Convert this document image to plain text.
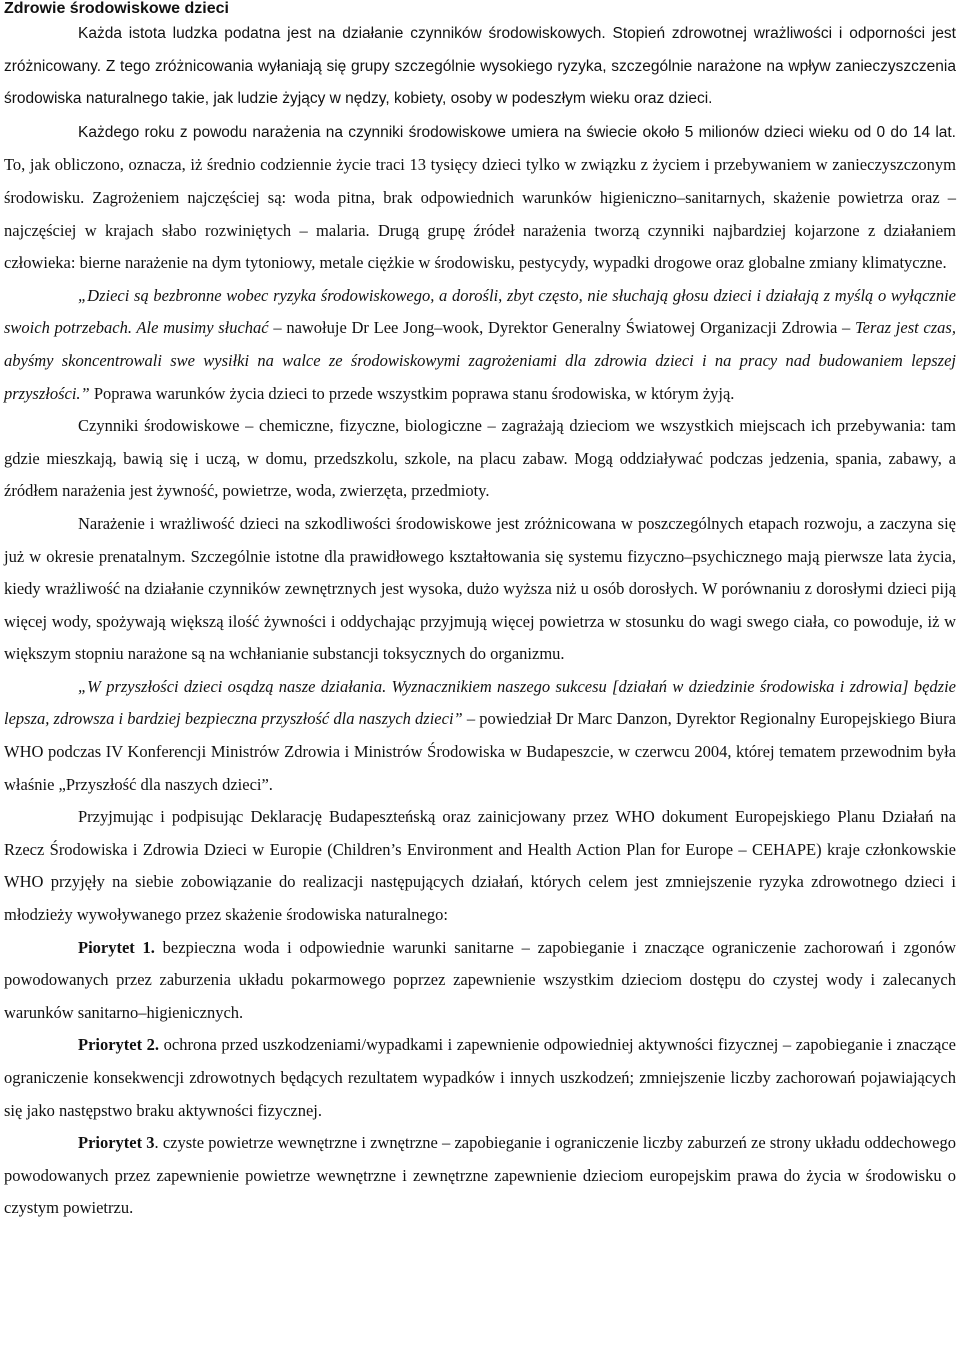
Zdrowie środowiskowe dzieci

Każda istota ludzka podatna jest na działanie czynników środowiskowych. Stopień zdrowotnej wrażliwości i odporności jest zróżnicowany. Z tego zróżnicowania wyłaniają się grupy szczególnie wysokiego ryzyka, szczególnie narażone na wpływ zanieczyszczenia środowiska naturalnego takie, jak ludzie żyjący w nędzy, kobiety, osoby w podeszłym wieku oraz dzieci.

Każdego roku z powodu narażenia na czynniki środowiskowe umiera na świecie około 5 milionów dzieci wieku od 0 do 14 lat. To, jak obliczono, oznacza, iż średnio codziennie życie traci 13 tysięcy dzieci tylko w związku z życiem i przebywaniem w zanieczyszczonym środowisku. Zagrożeniem najczęściej są: woda pitna, brak odpowiednich warunków higieniczno–sanitarnych, skażenie powietrza oraz – najczęściej w krajach słabo rozwiniętych – malaria. Drugą grupę źródeł narażenia tworzą czynniki najbardziej kojarzone z działaniem człowieka: bierne narażenie na dym tytoniowy, metale ciężkie w środowisku, pestycydy, wypadki drogowe oraz globalne zmiany klimatyczne.

„Dzieci są bezbronne wobec ryzyka środowiskowego, a dorośli, zbyt często, nie słuchają głosu dzieci i działają z myślą o wyłącznie swoich potrzebach. Ale musimy słuchać – nawołuje Dr Lee Jong–wook, Dyrektor Generalny Światowej Organizacji Zdrowia – Teraz jest czas, abyśmy skoncentrowali swe wysiłki na walce ze środowiskowymi zagrożeniami dla zdrowia dzieci i na pracy nad budowaniem lepszej przyszłości.” Poprawa warunków życia dzieci to przede wszystkim poprawa stanu środowiska, w którym żyją.

Czynniki środowiskowe – chemiczne, fizyczne, biologiczne – zagrażają dzieciom we wszystkich miejscach ich przebywania: tam gdzie mieszkają, bawią się i uczą, w domu, przedszkolu, szkole, na placu zabaw. Mogą oddziaływać podczas jedzenia, spania, zabawy, a źródłem narażenia jest żywność, powietrze, woda, zwierzęta, przedmioty.

Narażenie i wrażliwość dzieci na szkodliwości środowiskowe jest zróżnicowana w poszczególnych etapach rozwoju, a zaczyna się już w okresie prenatalnym. Szczególnie istotne dla prawidłowego kształtowania się systemu fizyczno–psychicznego mają pierwsze lata życia, kiedy wrażliwość na działanie czynników zewnętrznych jest wysoka, dużo wyższa niż u osób dorosłych. W porównaniu z dorosłymi dzieci piją więcej wody, spożywają większą ilość żywności i oddychając przyjmują więcej powietrza w stosunku do wagi swego ciała, co powoduje, iż w większym stopniu narażone są na wchłanianie substancji toksycznych do organizmu.

„W przyszłości dzieci osądzą nasze działania. Wyznacznikiem naszego sukcesu [działań w dziedzinie środowiska i zdrowia] będzie lepsza, zdrowsza i bardziej bezpieczna przyszłość dla naszych dzieci” – powiedział Dr Marc Danzon, Dyrektor Regionalny Europejskiego Biura WHO podczas IV Konferencji Ministrów Zdrowia i Ministrów Środowiska w Budapeszcie, w czerwcu 2004, której tematem przewodnim była właśnie „Przyszłość dla naszych dzieci”.

Przyjmując i podpisując Deklarację Budapeszteńską oraz zainicjowany przez WHO dokument Europejskiego Planu Działań na Rzecz Środowiska i Zdrowia Dzieci w Europie (Children’s Environment and Health Action Plan for Europe – CEHAPE) kraje członkowskie WHO przyjęły na siebie zobowiązanie do realizacji następujących działań, których celem jest zmniejszenie ryzyka zdrowotnego dzieci i młodzieży wywoływanego przez skażenie środowiska naturalnego:

Piorytet 1. bezpieczna woda i odpowiednie warunki sanitarne – zapobieganie i znaczące ograniczenie zachorowań i zgonów powodowanych przez zaburzenia układu pokarmowego poprzez zapewnienie wszystkim dzieciom dostępu do czystej wody i zalecanych warunków sanitarno–higienicznych.

Priorytet 2. ochrona przed uszkodzeniami/wypadkami i zapewnienie odpowiedniej aktywności fizycznej – zapobieganie i znaczące ograniczenie konsekwencji zdrowotnych będących rezultatem wypadków i innych uszkodzeń; zmniejszenie liczby zachorowań pojawiających się jako następstwo braku aktywności fizycznej.

Priorytet 3. czyste powietrze wewnętrzne i zwnętrzne – zapobieganie i ograniczenie liczby zaburzeń ze strony układu oddechowego powodowanych przez zapewnienie powietrze wewnętrzne i zewnętrzne zapewnienie dzieciom europejskim prawa do życia w środowisku o czystym powietrzu.
